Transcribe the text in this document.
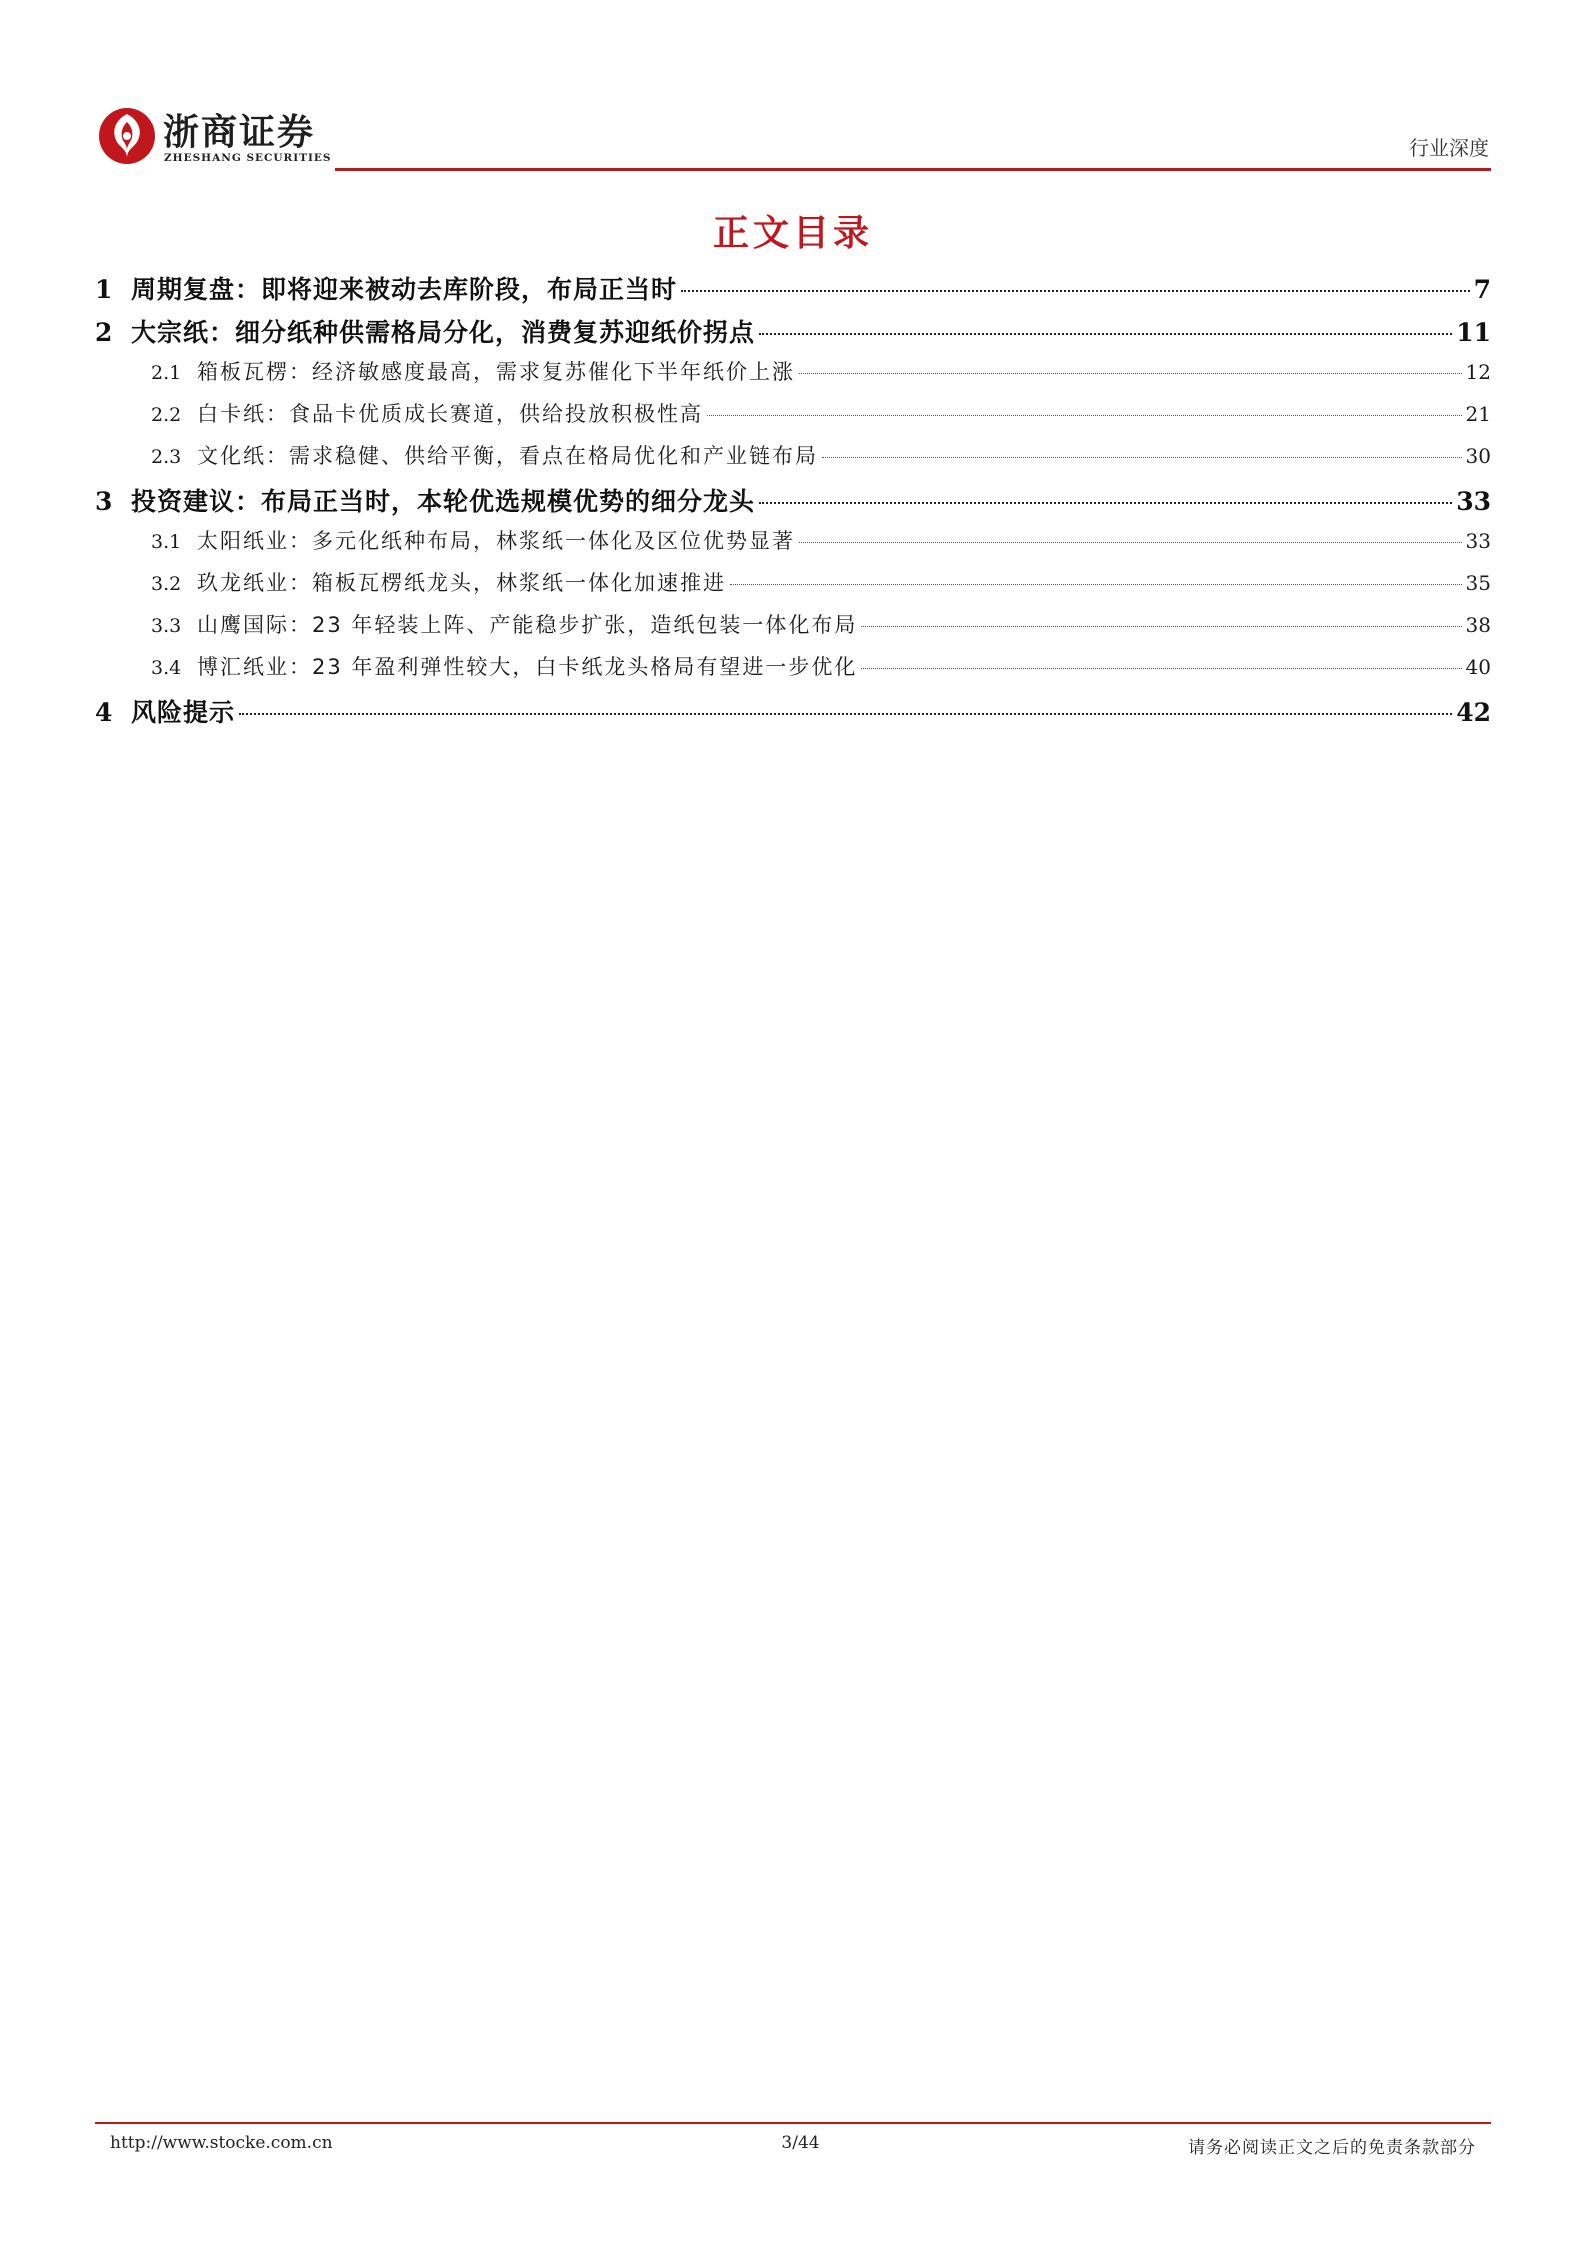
浙商证券
ZHESHANG SECURITIES	行业深度
正文目录
1 周期复盘：即将迎来被动去库阶段，布局正当时	7
2 大宗纸：细分纸种供需格局分化，消费复苏迎纸价拐点	11
2.1 箱板瓦楞：经济敏感度最高，需求复苏催化下半年纸价上涨	12
2.2 白卡纸：食品卡优质成长赛道，供给投放积极性高	21
2.3 文化纸：需求稳健、供给平衡，看点在格局优化和产业链布局	30
3 投资建议：布局正当时，本轮优选规模优势的细分龙头	33
3.1 太阳纸业：多元化纸种布局，林浆纸一体化及区位优势显著	33
3.2 玖龙纸业：箱板瓦楞纸龙头，林浆纸一体化加速推进	35
3.3 山鹰国际：23 年轻装上阵、产能稳步扩张，造纸包装一体化布局	38
3.4 博汇纸业：23 年盈利弹性较大，白卡纸龙头格局有望进一步优化	40
4 风险提示	42
http://www.stocke.com.cn	3/44	请务必阅读正文之后的免责条款部分
